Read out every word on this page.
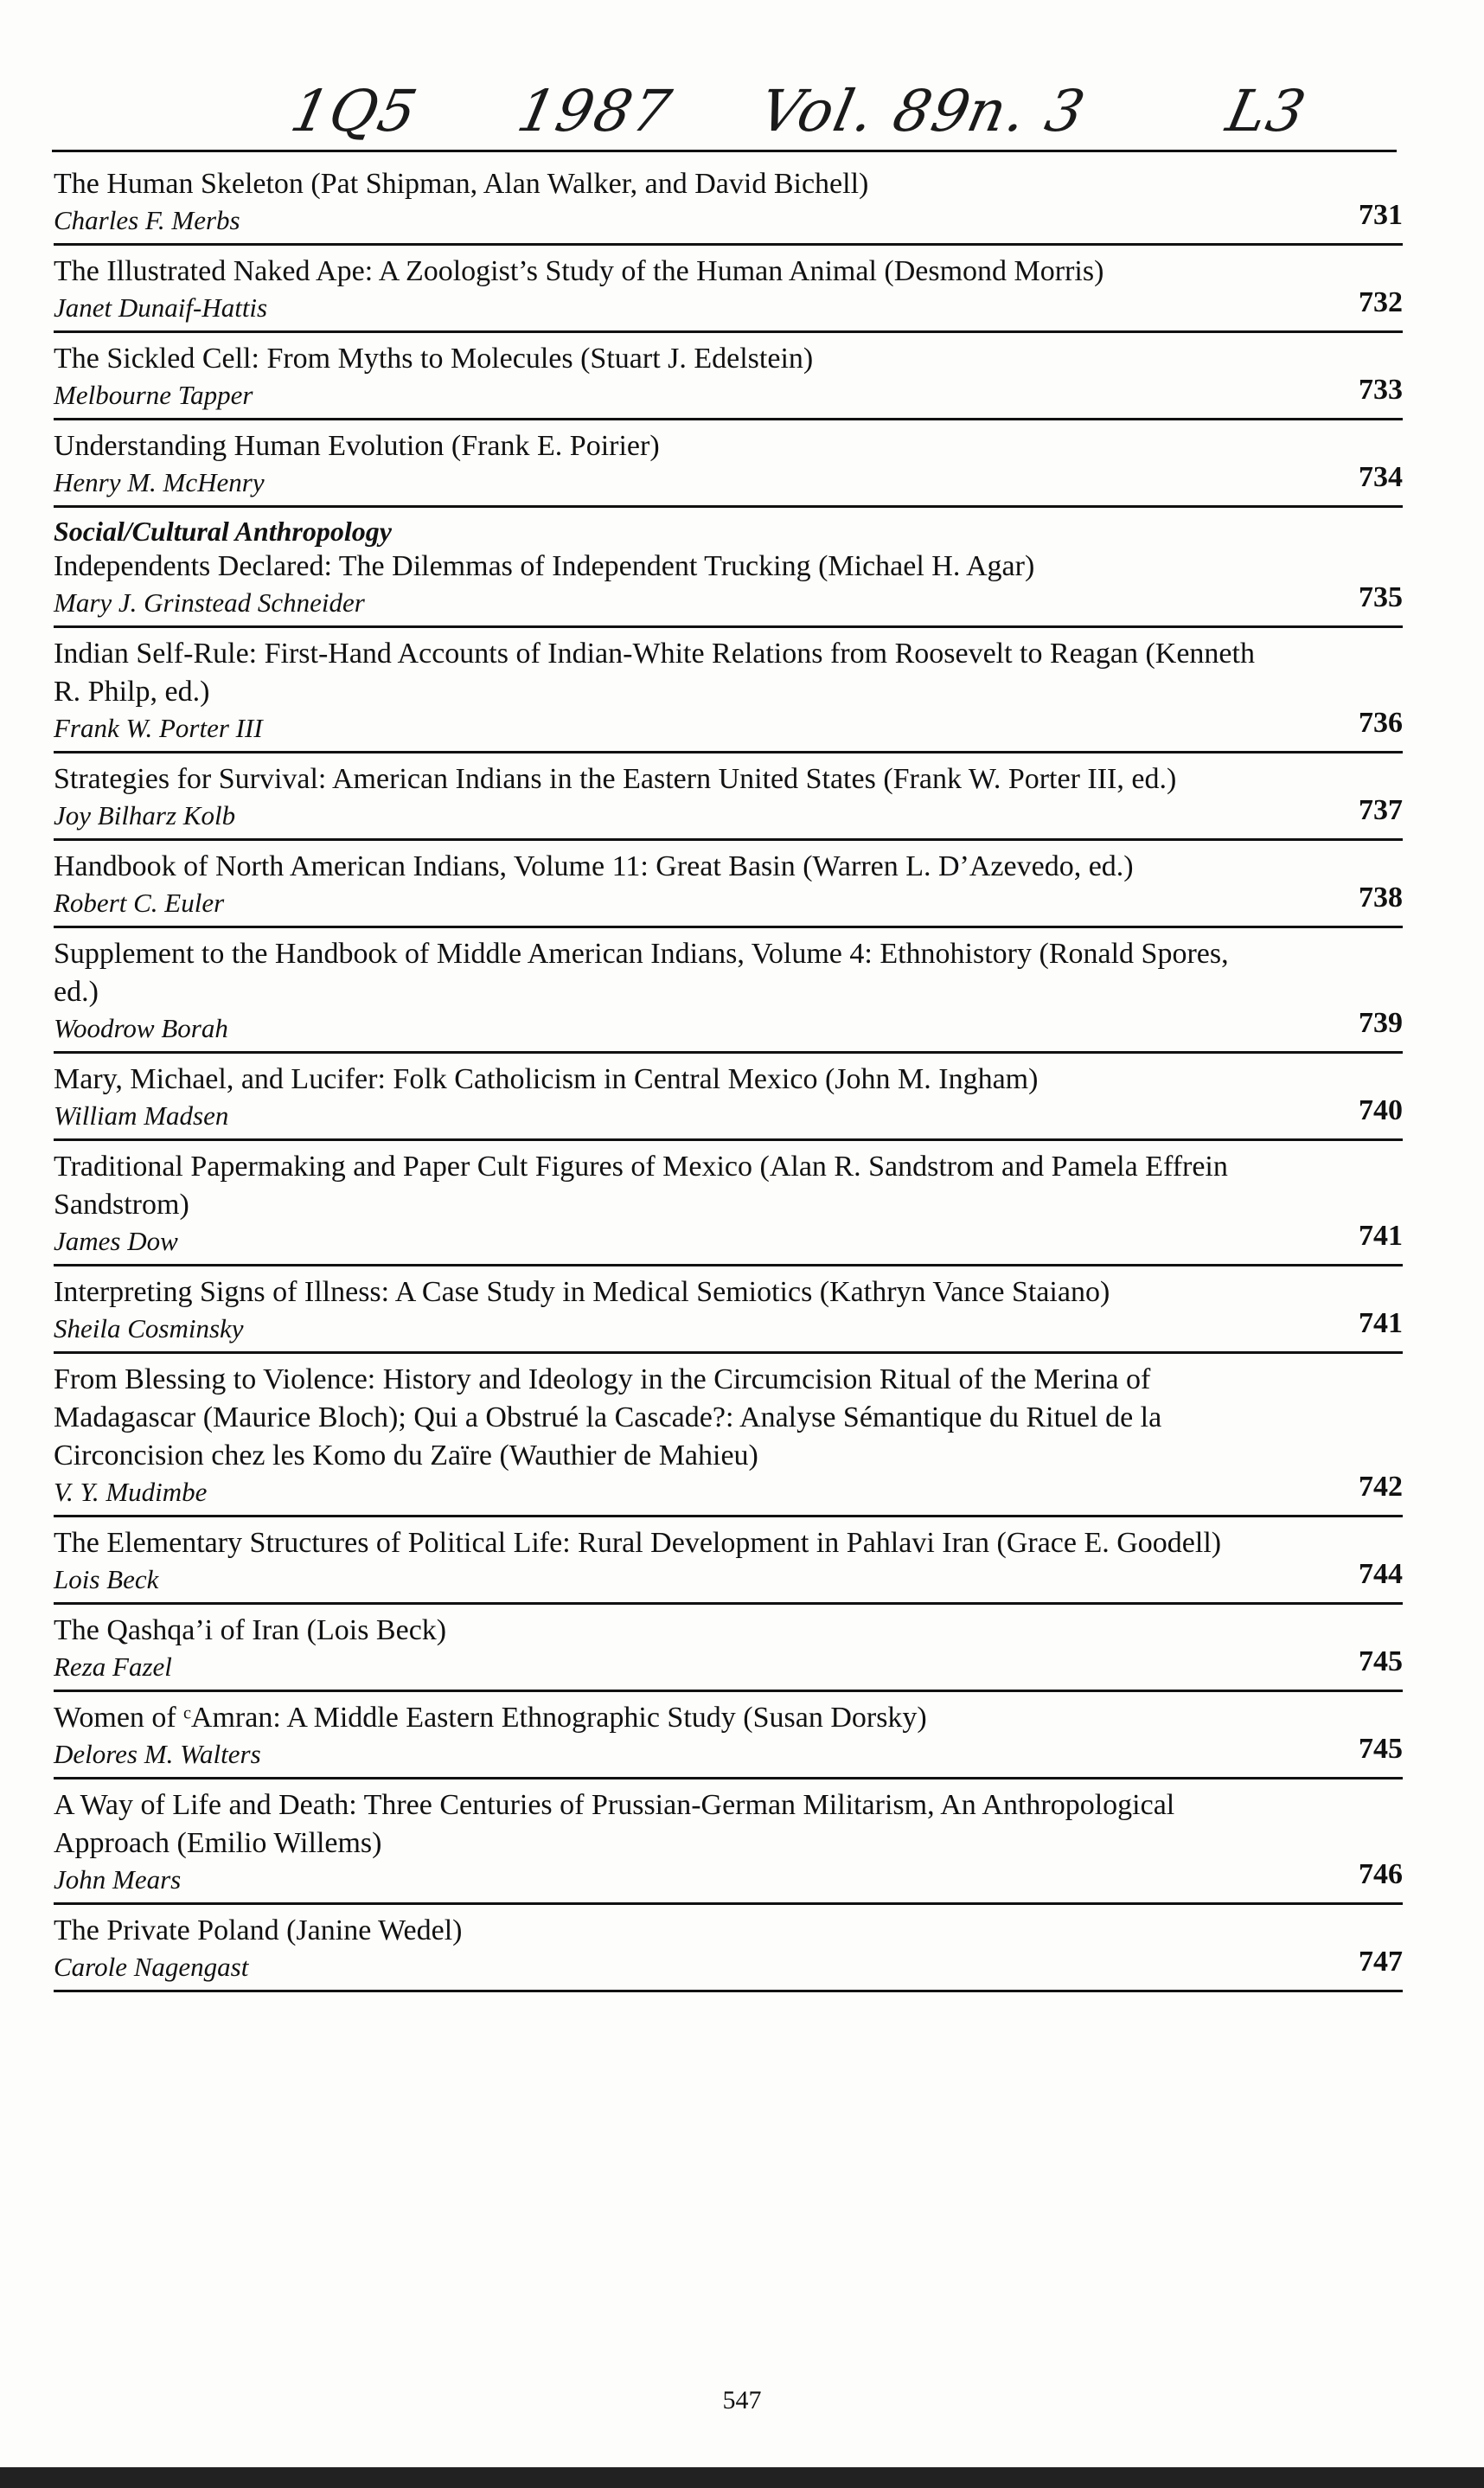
1Q5 1987 Vol. 89
n. 3 L3
The Human Skeleton (Pat Shipman, Alan Walker, and David Bichell)
Charles F. Merbs	731
The Illustrated Naked Ape: A Zoologist’s Study of the Human Animal (Desmond Morris)
Janet Dunaif-Hattis	732
The Sickled Cell: From Myths to Molecules (Stuart J. Edelstein)
Melbourne Tapper	733
Understanding Human Evolution (Frank E. Poirier)
Henry M. McHenry	734
Social/Cultural Anthropology
Independents Declared: The Dilemmas of Independent Trucking (Michael H. Agar)
Mary J. Grinstead Schneider	735
Indian Self-Rule: First-Hand Accounts of Indian-White Relations from Roosevelt to Reagan (Kenneth R. Philp, ed.)
Frank W. Porter III	736
Strategies for Survival: American Indians in the Eastern United States (Frank W. Porter III, ed.)
Joy Bilharz Kolb	737
Handbook of North American Indians, Volume 11: Great Basin (Warren L. D’Azevedo, ed.)
Robert C. Euler	738
Supplement to the Handbook of Middle American Indians, Volume 4: Ethnohistory (Ronald Spores, ed.)
Woodrow Borah	739
Mary, Michael, and Lucifer: Folk Catholicism in Central Mexico (John M. Ingham)
William Madsen	740
Traditional Papermaking and Paper Cult Figures of Mexico (Alan R. Sandstrom and Pamela Effrein Sandstrom)
James Dow	741
Interpreting Signs of Illness: A Case Study in Medical Semiotics (Kathryn Vance Staiano)
Sheila Cosminsky	741
From Blessing to Violence: History and Ideology in the Circumcision Ritual of the Merina of Madagascar (Maurice Bloch); Qui a Obstrué la Cascade?: Analyse Sémantique du Rituel de la Circoncision chez les Komo du Zaïre (Wauthier de Mahieu)
V. Y. Mudimbe	742
The Elementary Structures of Political Life: Rural Development in Pahlavi Iran (Grace E. Goodell)
Lois Beck	744
The Qashqa’i of Iran (Lois Beck)
Reza Fazel	745
Women of ᶜAmran: A Middle Eastern Ethnographic Study (Susan Dorsky)
Delores M. Walters	745
A Way of Life and Death: Three Centuries of Prussian-German Militarism, An Anthropological Approach (Emilio Willems)
John Mears	746
The Private Poland (Janine Wedel)
Carole Nagengast	747
547
